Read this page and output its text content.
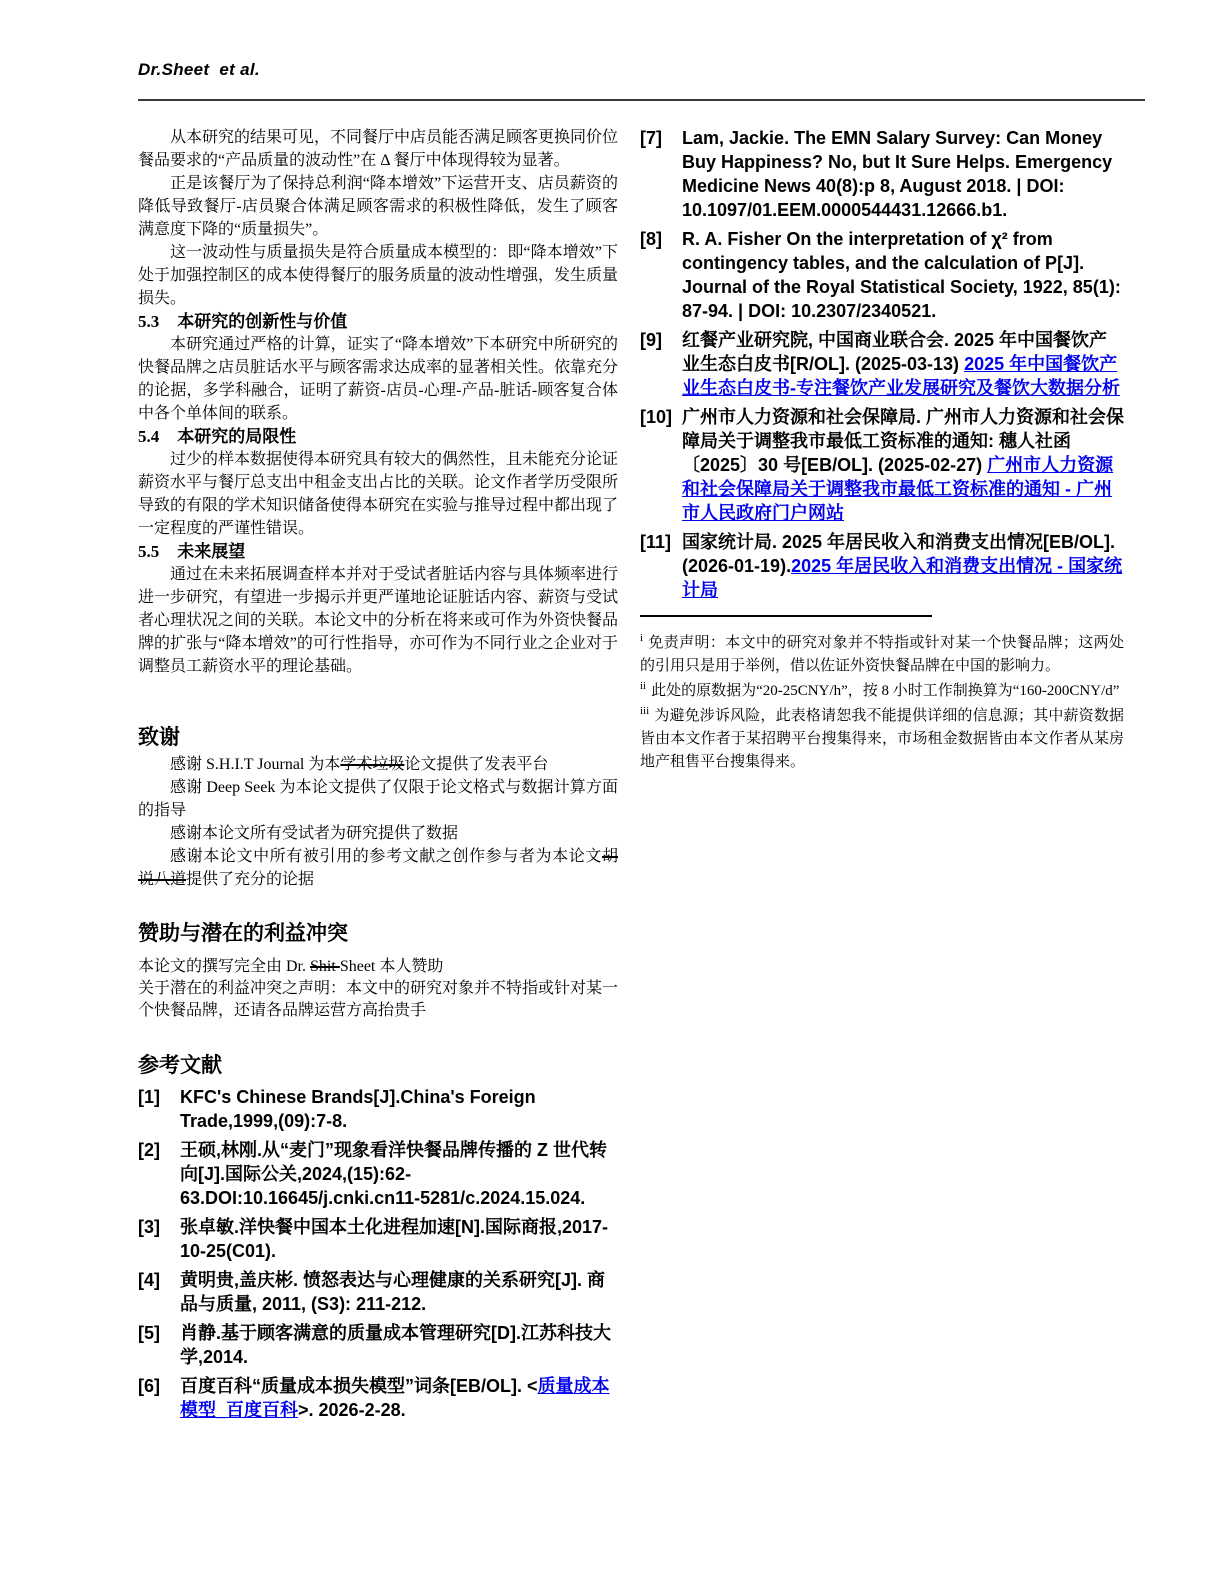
Dr.Sheet  et al.

从本研究的结果可见，不同餐厅中店员能否满足顾客更换同价位餐品要求的“产品质量的波动性”在 Δ 餐厅中体现得较为显著。

正是该餐厅为了保持总利润“降本增效”下运营开支、店员薪资的降低导致餐厅-店员聚合体满足顾客需求的积极性降低，发生了顾客满意度下降的“质量损失”。

这一波动性与质量损失是符合质量成本模型的：即“降本增效”下处于加强控制区的成本使得餐厅的服务质量的波动性增强，发生质量损失。

5.3 本研究的创新性与价值

本研究通过严格的计算，证实了“降本增效”下本研究中所研究的快餐品牌之店员脏话水平与顾客需求达成率的显著相关性。依靠充分的论据，多学科融合，证明了薪资-店员-心理-产品-脏话-顾客复合体中各个单体间的联系。

5.4 本研究的局限性

过少的样本数据使得本研究具有较大的偶然性，且未能充分论证薪资水平与餐厅总支出中租金支出占比的关联。论文作者学历受限所导致的有限的学术知识储备使得本研究在实验与推导过程中都出现了一定程度的严谨性错误。

5.5 未来展望

通过在未来拓展调查样本并对于受试者脏话内容与具体频率进行进一步研究，有望进一步揭示并更严谨地论证脏话内容、薪资与受试者心理状况之间的关联。本论文中的分析在将来或可作为外资快餐品牌的扩张与“降本增效”的可行性指导，亦可作为不同行业之企业对于调整员工薪资水平的理论基础。

致谢

感谢 S.H.I.T Journal 为本学术垃圾论文提供了发表平台

感谢 Deep Seek 为本论文提供了仅限于论文格式与数据计算方面的指导

感谢本论文所有受试者为研究提供了数据

感谢本论文中所有被引用的参考文献之创作参与者为本论文胡说八道提供了充分的论据

赞助与潜在的利益冲突

本论文的撰写完全由 Dr. Shit Sheet 本人赞助

关于潜在的利益冲突之声明：本文中的研究对象并不特指或针对某一个快餐品牌，还请各品牌运营方高抬贵手

参考文献
[1]	KFC's Chinese Brands[J].China's Foreign Trade,1999,(09):7-8.
[2]	王硕,林刚.从“麦门”现象看洋快餐品牌传播的 Z 世代转向[J].国际公关,2024,(15):62-63.DOI:10.16645/j.cnki.cn11-5281/c.2024.15.024.
[3]	张卓敏.洋快餐中国本土化进程加速[N].国际商报,2017-10-25(C01).
[4]	黄明贵,盖庆彬. 愤怒表达与心理健康的关系研究[J]. 商品与质量, 2011, (S3): 211-212.
[5]	肖静.基于顾客满意的质量成本管理研究[D].江苏科技大学,2014.
[6]	百度百科“质量成本损失模型”词条[EB/OL]. <质量成本模型_百度百科>. 2026-2-28.
[7]	Lam, Jackie. The EMN Salary Survey: Can Money Buy Happiness? No, but It Sure Helps. Emergency Medicine News 40(8):p 8, August 2018. | DOI: 10.1097/01.EEM.0000544431.12666.b1.
[8]	R. A. Fisher On the interpretation of χ² from contingency tables, and the calculation of P[J]. Journal of the Royal Statistical Society, 1922, 85(1): 87-94. | DOI: 10.2307/2340521.
[9]	红餐产业研究院, 中国商业联合会. 2025 年中国餐饮产业生态白皮书[R/OL]. (2025-03-13) 2025 年中国餐饮产业生态白皮书-专注餐饮产业发展研究及餐饮大数据分析
[10] 广州市人力资源和社会保障局. 广州市人力资源和社会保障局关于调整我市最低工资标准的通知: 穗人社函〔2025〕30 号[EB/OL]. (2025-02-27) 广州市人力资源和社会保障局关于调整我市最低工资标准的通知 - 广州市人民政府门户网站
[11] 国家统计局. 2025 年居民收入和消费支出情况[EB/OL]. (2026-01-19).2025 年居民收入和消费支出情况 - 国家统计局

$^i$ 免责声明：本文中的研究对象并不特指或针对某一个快餐品牌；这两处的引用只是用于举例，借以佐证外资快餐品牌在中国的影响力。

$^{ii}$ 此处的原数据为“20-25CNY/h”，按 8 小时工作制换算为“160-200CNY/d”

$^{iii}$ 为避免涉诉风险，此表格请恕我不能提供详细的信息源；其中薪资数据皆由本文作者于某招聘平台搜集得来，市场租金数据皆由本文作者从某房地产租售平台搜集得来。
